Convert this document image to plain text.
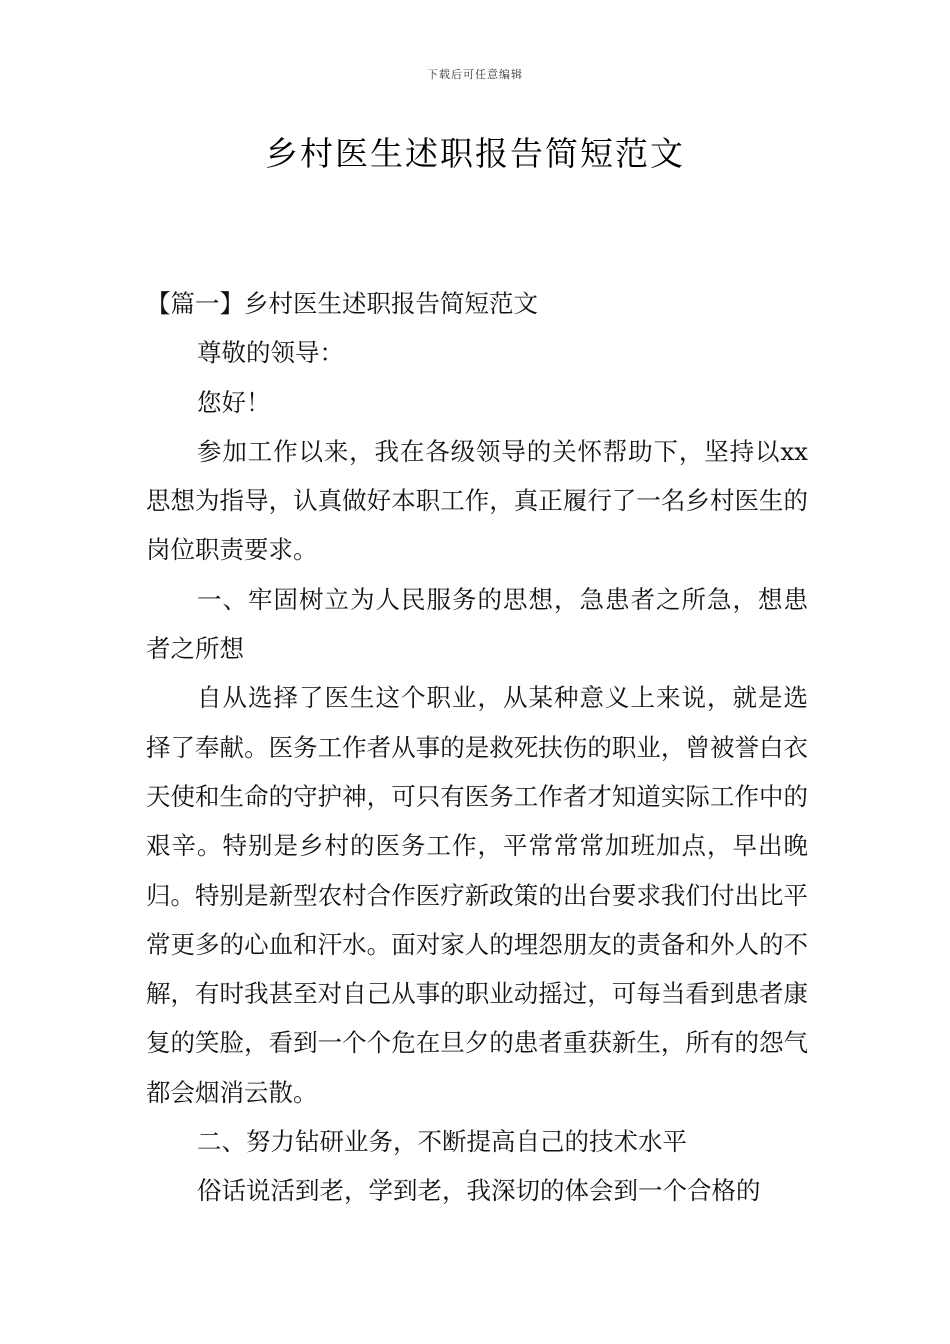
下载后可任意编辑
乡村医生述职报告简短范文

【篇一】乡村医生述职报告简短范文

尊敬的领导：

您好！

参加工作以来，我在各级领导的关怀帮助下，坚持以xx思想为指导，认真做好本职工作，真正履行了一名乡村医生的岗位职责要求。

一、牢固树立为人民服务的思想，急患者之所急，想患者之所想

自从选择了医生这个职业，从某种意义上来说，就是选择了奉献。医务工作者从事的是救死扶伤的职业，曾被誉白衣天使和生命的守护神，可只有医务工作者才知道实际工作中的艰辛。特别是乡村的医务工作，平常常常加班加点，早出晚归。特别是新型农村合作医疗新政策的出台要求我们付出比平常更多的心血和汗水。面对家人的埋怨朋友的责备和外人的不解，有时我甚至对自己从事的职业动摇过，可每当看到患者康复的笑脸，看到一个个危在旦夕的患者重获新生，所有的怨气都会烟消云散。

二、努力钻研业务，不断提高自己的技术水平

俗话说活到老，学到老，我深切的体会到一个合格的
